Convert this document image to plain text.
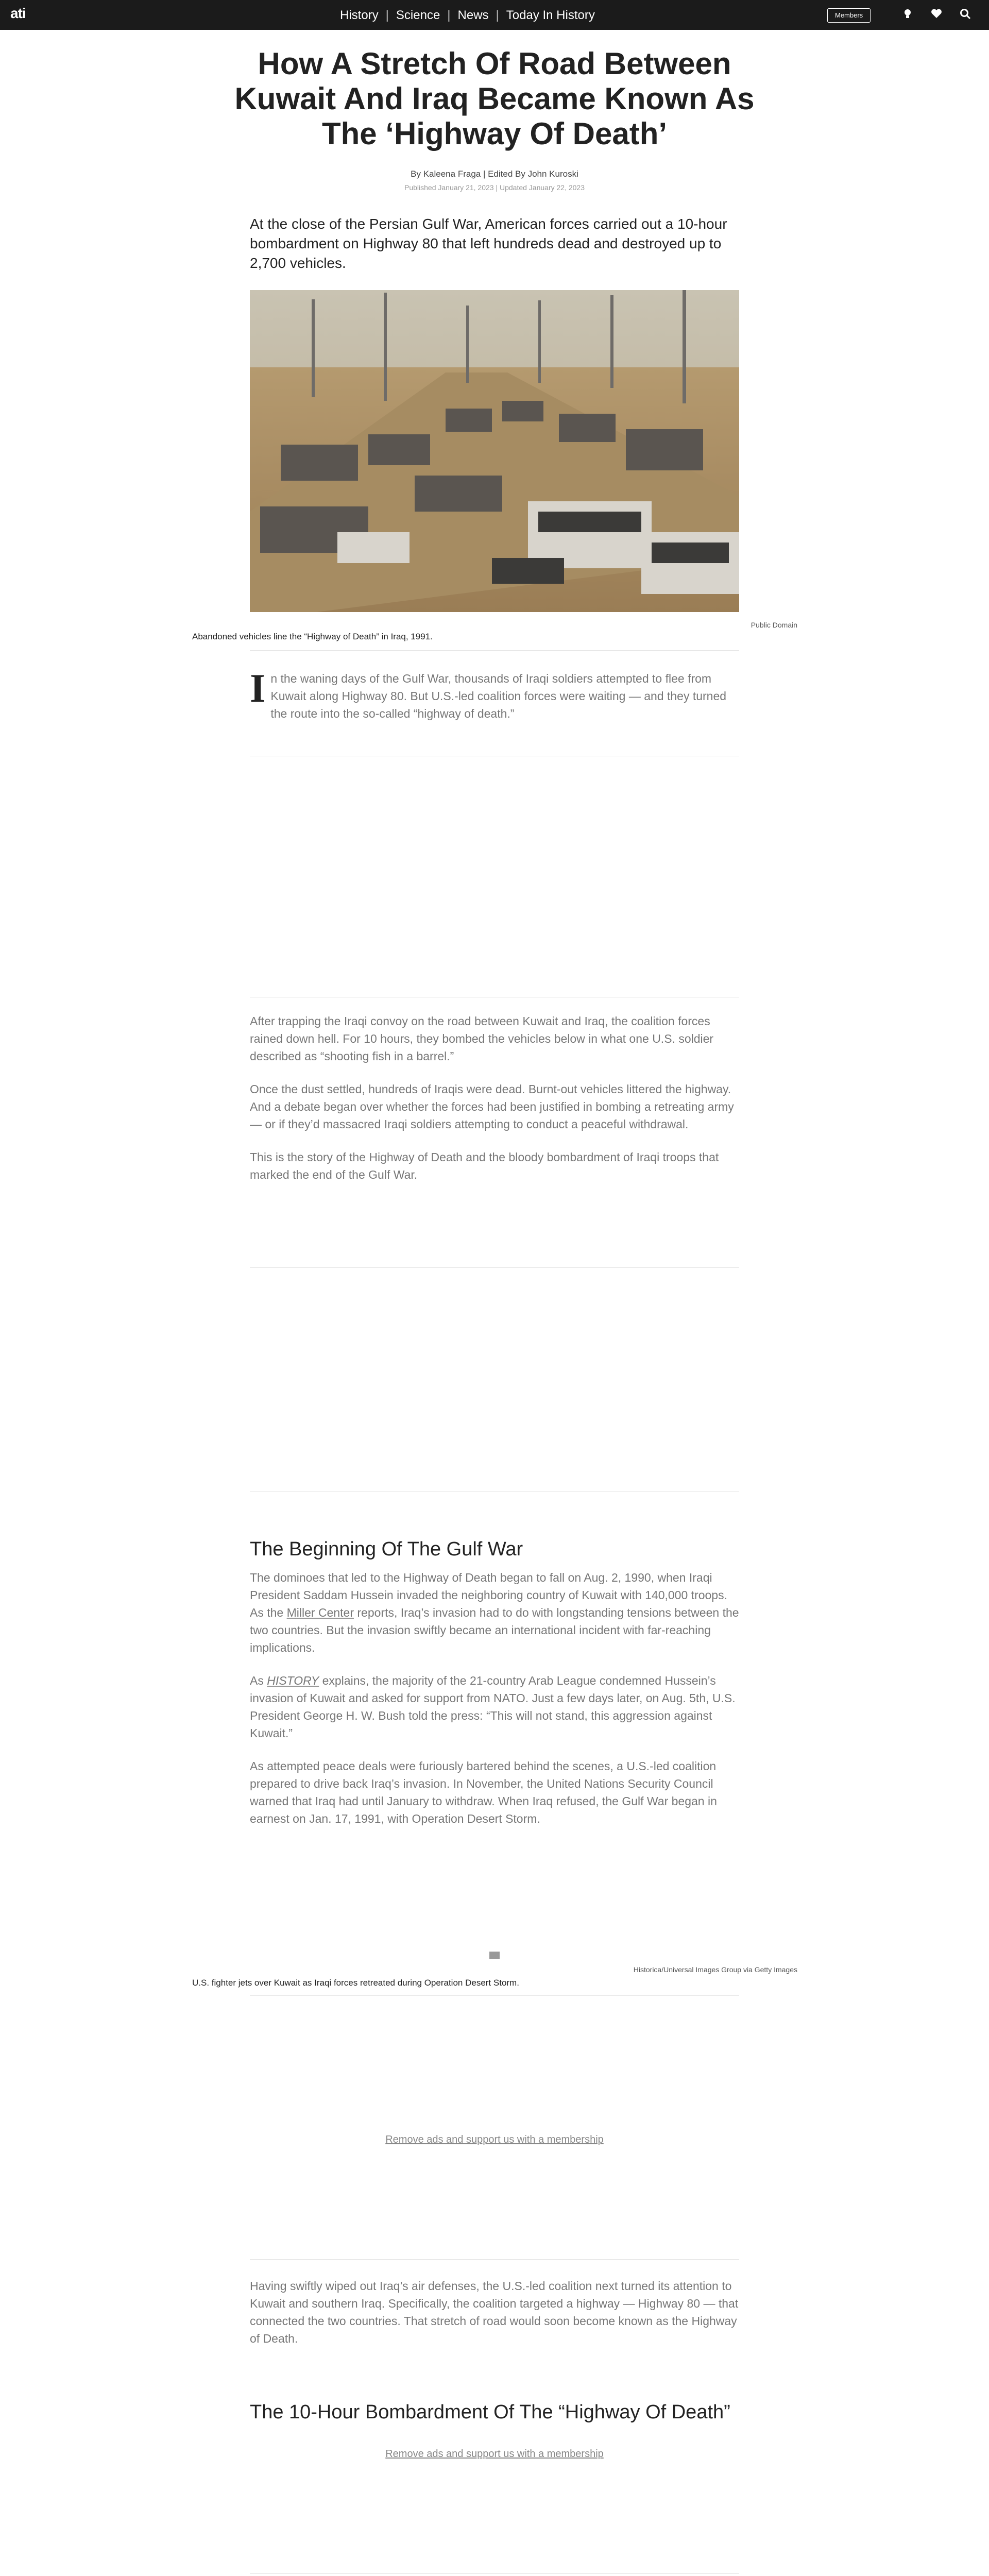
ati	History | Science | News | Today In History	Members
How A Stretch Of Road Between Kuwait And Iraq Became Known As The ‘Highway Of Death’
By Kaleena Fraga | Edited By John Kuroski
Published January 21, 2023 | Updated January 22, 2023
At the close of the Persian Gulf War, American forces carried out a 10-hour bombardment on Highway 80 that left hundreds dead and destroyed up to 2,700 vehicles.
Public Domain
Abandoned vehicles line the “Highway of Death” in Iraq, 1991.

In the waning days of the Gulf War, thousands of Iraqi soldiers attempted to flee from Kuwait along Highway 80. But U.S.-led coalition forces were waiting — and they turned the route into the so-called “highway of death.”

After trapping the Iraqi convoy on the road between Kuwait and Iraq, the coalition forces rained down hell. For 10 hours, they bombed the vehicles below in what one U.S. soldier described as “shooting fish in a barrel.”

Once the dust settled, hundreds of Iraqis were dead. Burnt-out vehicles littered the highway. And a debate began over whether the forces had been justified in bombing a retreating army — or if they’d massacred Iraqi soldiers attempting to conduct a peaceful withdrawal.

This is the story of the Highway of Death and the bloody bombardment of Iraqi troops that marked the end of the Gulf War.

The Beginning Of The Gulf War

The dominoes that led to the Highway of Death began to fall on Aug. 2, 1990, when Iraqi President Saddam Hussein invaded the neighboring country of Kuwait with 140,000 troops. As the Miller Center reports, Iraq’s invasion had to do with longstanding tensions between the two countries. But the invasion swiftly became an international incident with far-reaching implications.

As HISTORY explains, the majority of the 21-country Arab League condemned Hussein’s invasion of Kuwait and asked for support from NATO. Just a few days later, on Aug. 5th, U.S. President George H. W. Bush told the press: “This will not stand, this aggression against Kuwait.”

As attempted peace deals were furiously bartered behind the scenes, a U.S.-led coalition prepared to drive back Iraq’s invasion. In November, the United Nations Security Council warned that Iraq had until January to withdraw. When Iraq refused, the Gulf War began in earnest on Jan. 17, 1991, with Operation Desert Storm.

Historica/Universal Images Group via Getty Images
U.S. fighter jets over Kuwait as Iraqi forces retreated during Operation Desert Storm.
Remove ads and support us with a membership

Having swiftly wiped out Iraq’s air defenses, the U.S.-led coalition next turned its attention to Kuwait and southern Iraq. Specifically, the coalition targeted a highway — Highway 80 — that connected the two countries. That stretch of road would soon become known as the Highway of Death.

The 10-Hour Bombardment Of The “Highway Of Death”
Remove ads and support us with a membership
